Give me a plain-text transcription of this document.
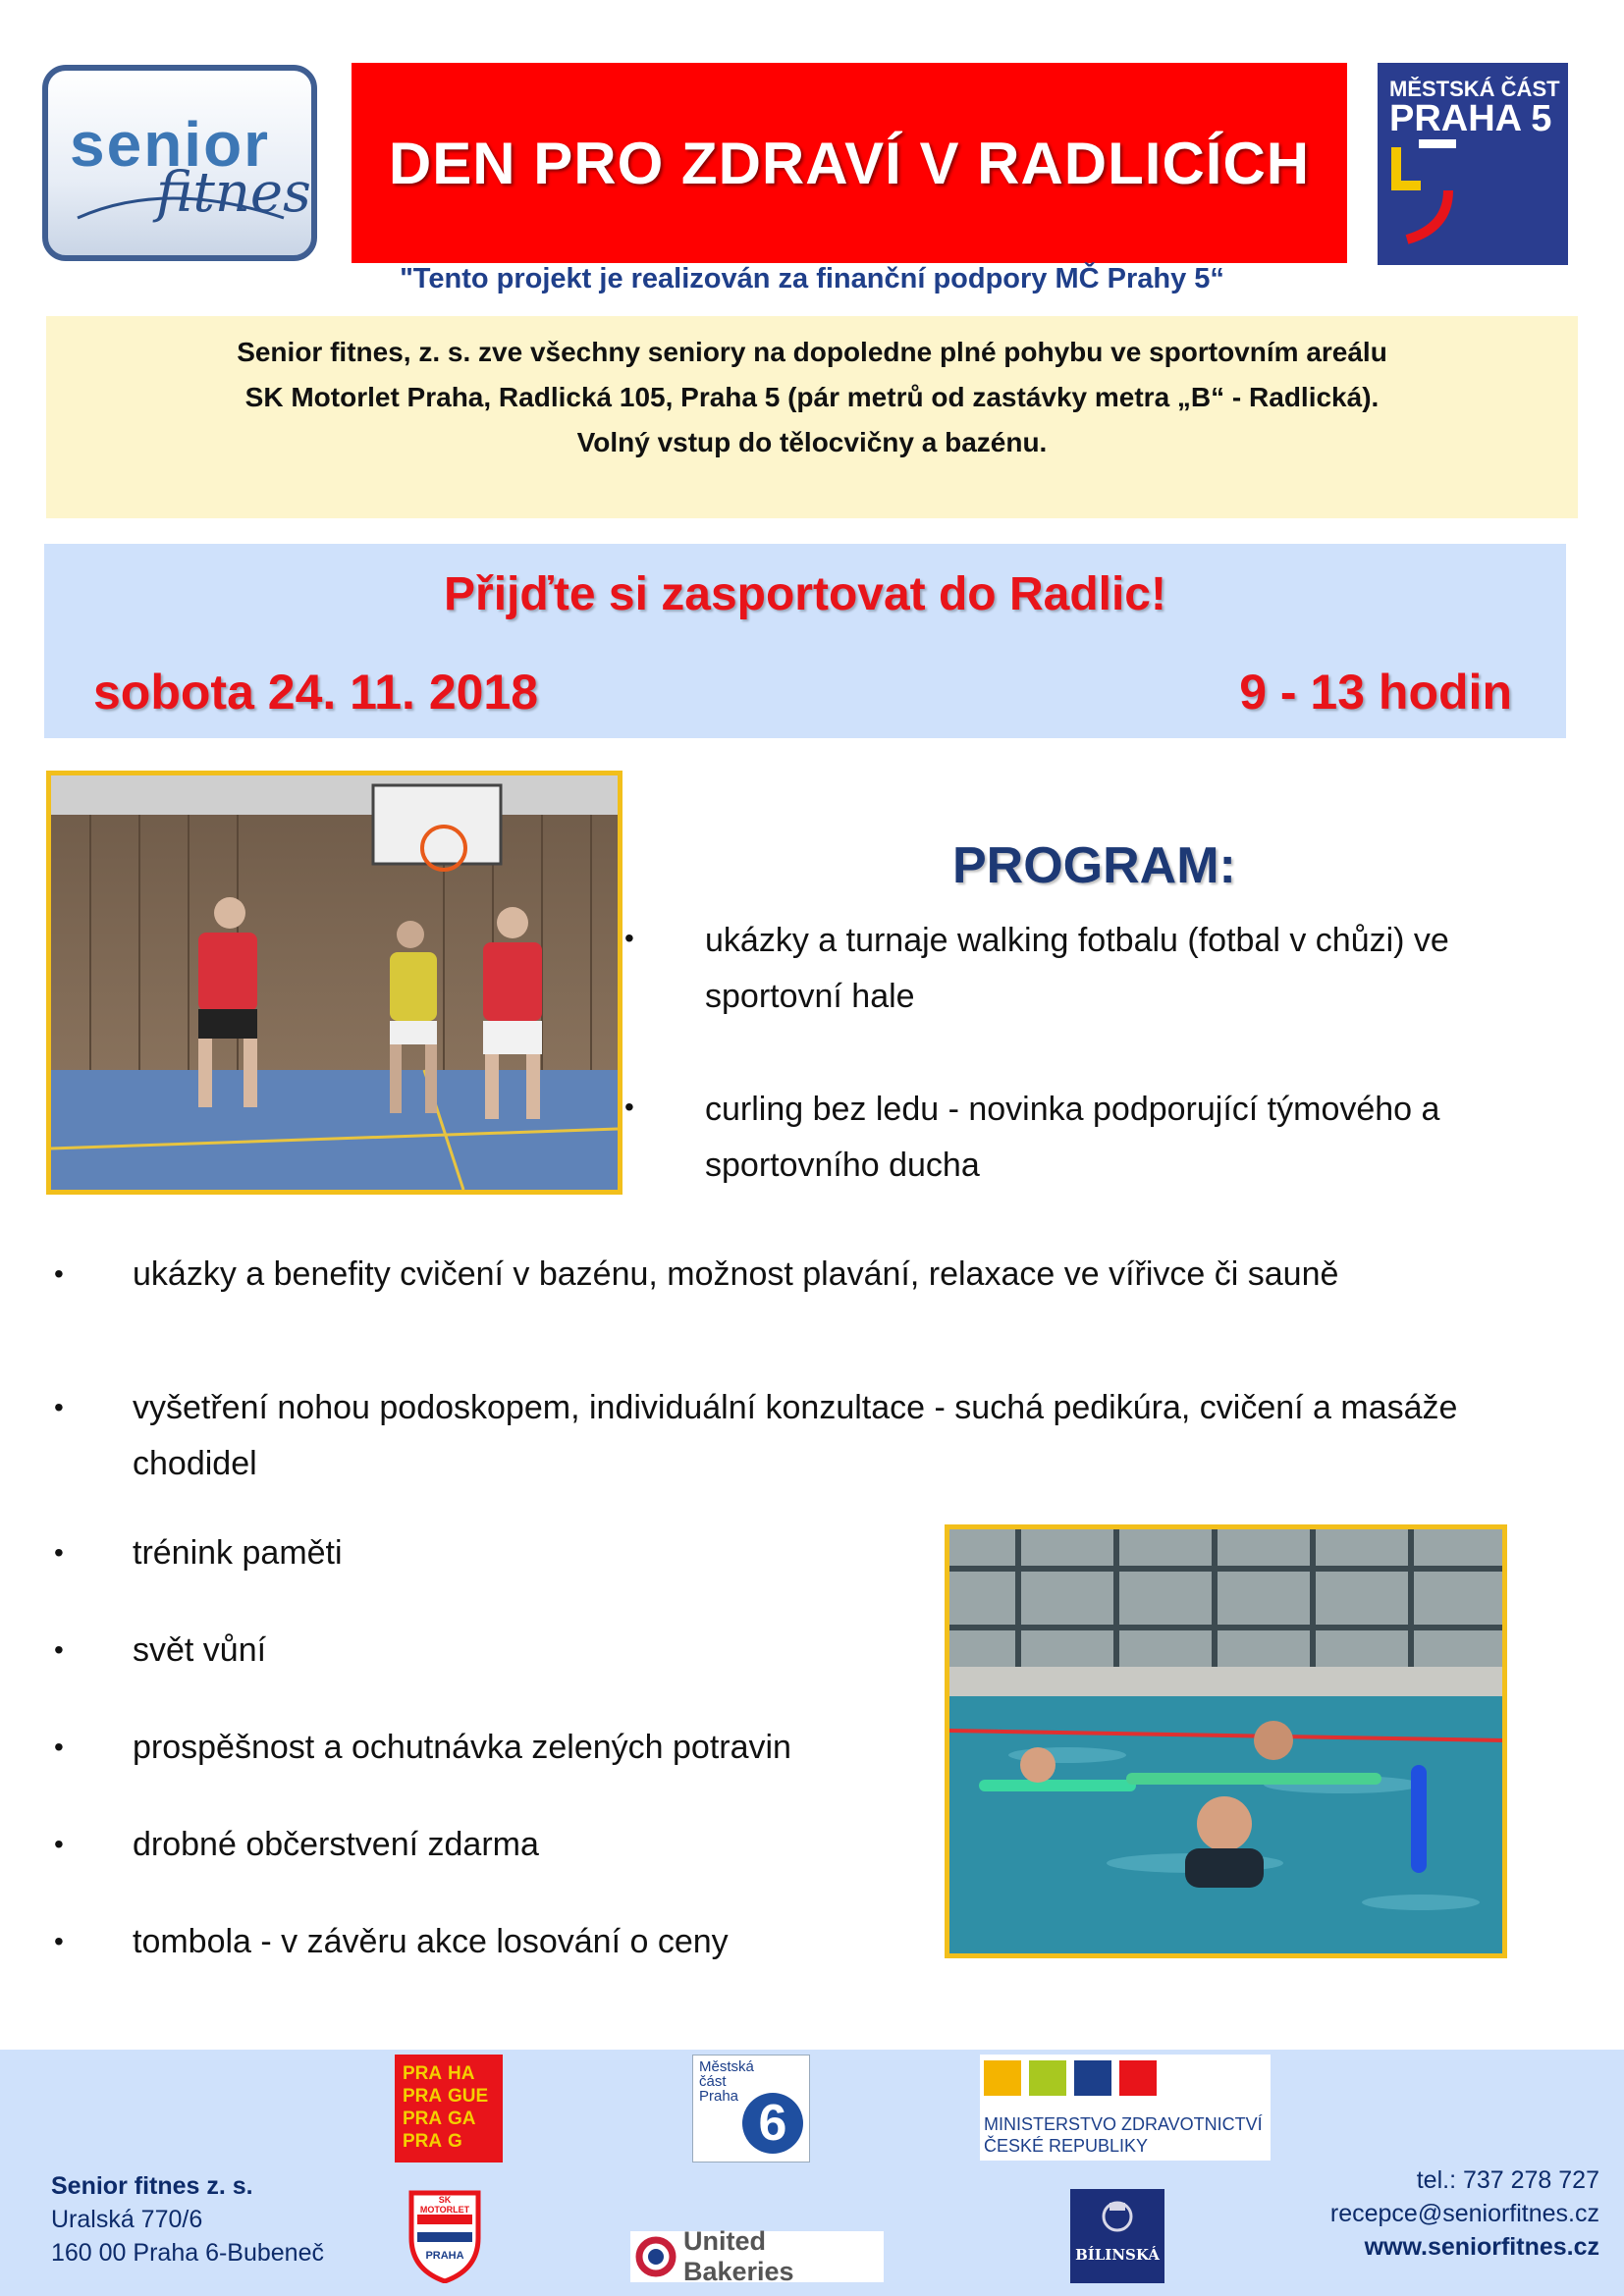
senior
fitnes DEN PRO ZDRAVÍ V RADLICÍCH
MĚSTSKÁ ČÁST
PRAHA 5
"Tento projekt je realizován za finanční podpory MČ Prahy 5“
Senior fitnes, z. s. zve všechny seniory na dopoledne plné pohybu ve sportovním areálu
SK Motorlet Praha, Radlická 105, Praha 5 (pár metrů od zastávky metra „B“ - Radlická).
Volný vstup do tělocvičny a bazénu.
Přijďte si zasportovat do Radlic!
sobota 24. 11. 2018	9 - 13 hodin
PROGRAM:
• ukázky a turnaje walking fotbalu (fotbal v chůzi) ve sportovní hale
• curling bez ledu - novinka podporující týmového a sportovního ducha
• ukázky a benefity cvičení v bazénu, možnost plavání, relaxace ve vířivce či sauně
• vyšetření nohou podoskopem, individuální konzultace - suchá pedikúra, cvičení a masáže chodidel
• trénink paměti
• svět vůní
• prospěšnost a ochutnávka zelených potravin
• drobné občerstvení zdarma
• tombola - v závěru akce losování o ceny
PRA HA
PRA GUE
PRA GA
PRA G
Městská
část
Praha 6	MINISTERSTVO ZDRAVOTNICTVÍ
ČESKÉ REPUBLIKY
SK
MOTORLET
PRAHA	United Bakeries
BÍLINSKÁ
Senior fitnes z. s.
Uralská 770/6
160 00 Praha 6-Bubeneč
tel.: 737 278 727
recepce@seniorfitnes.cz
www.seniorfitnes.cz
